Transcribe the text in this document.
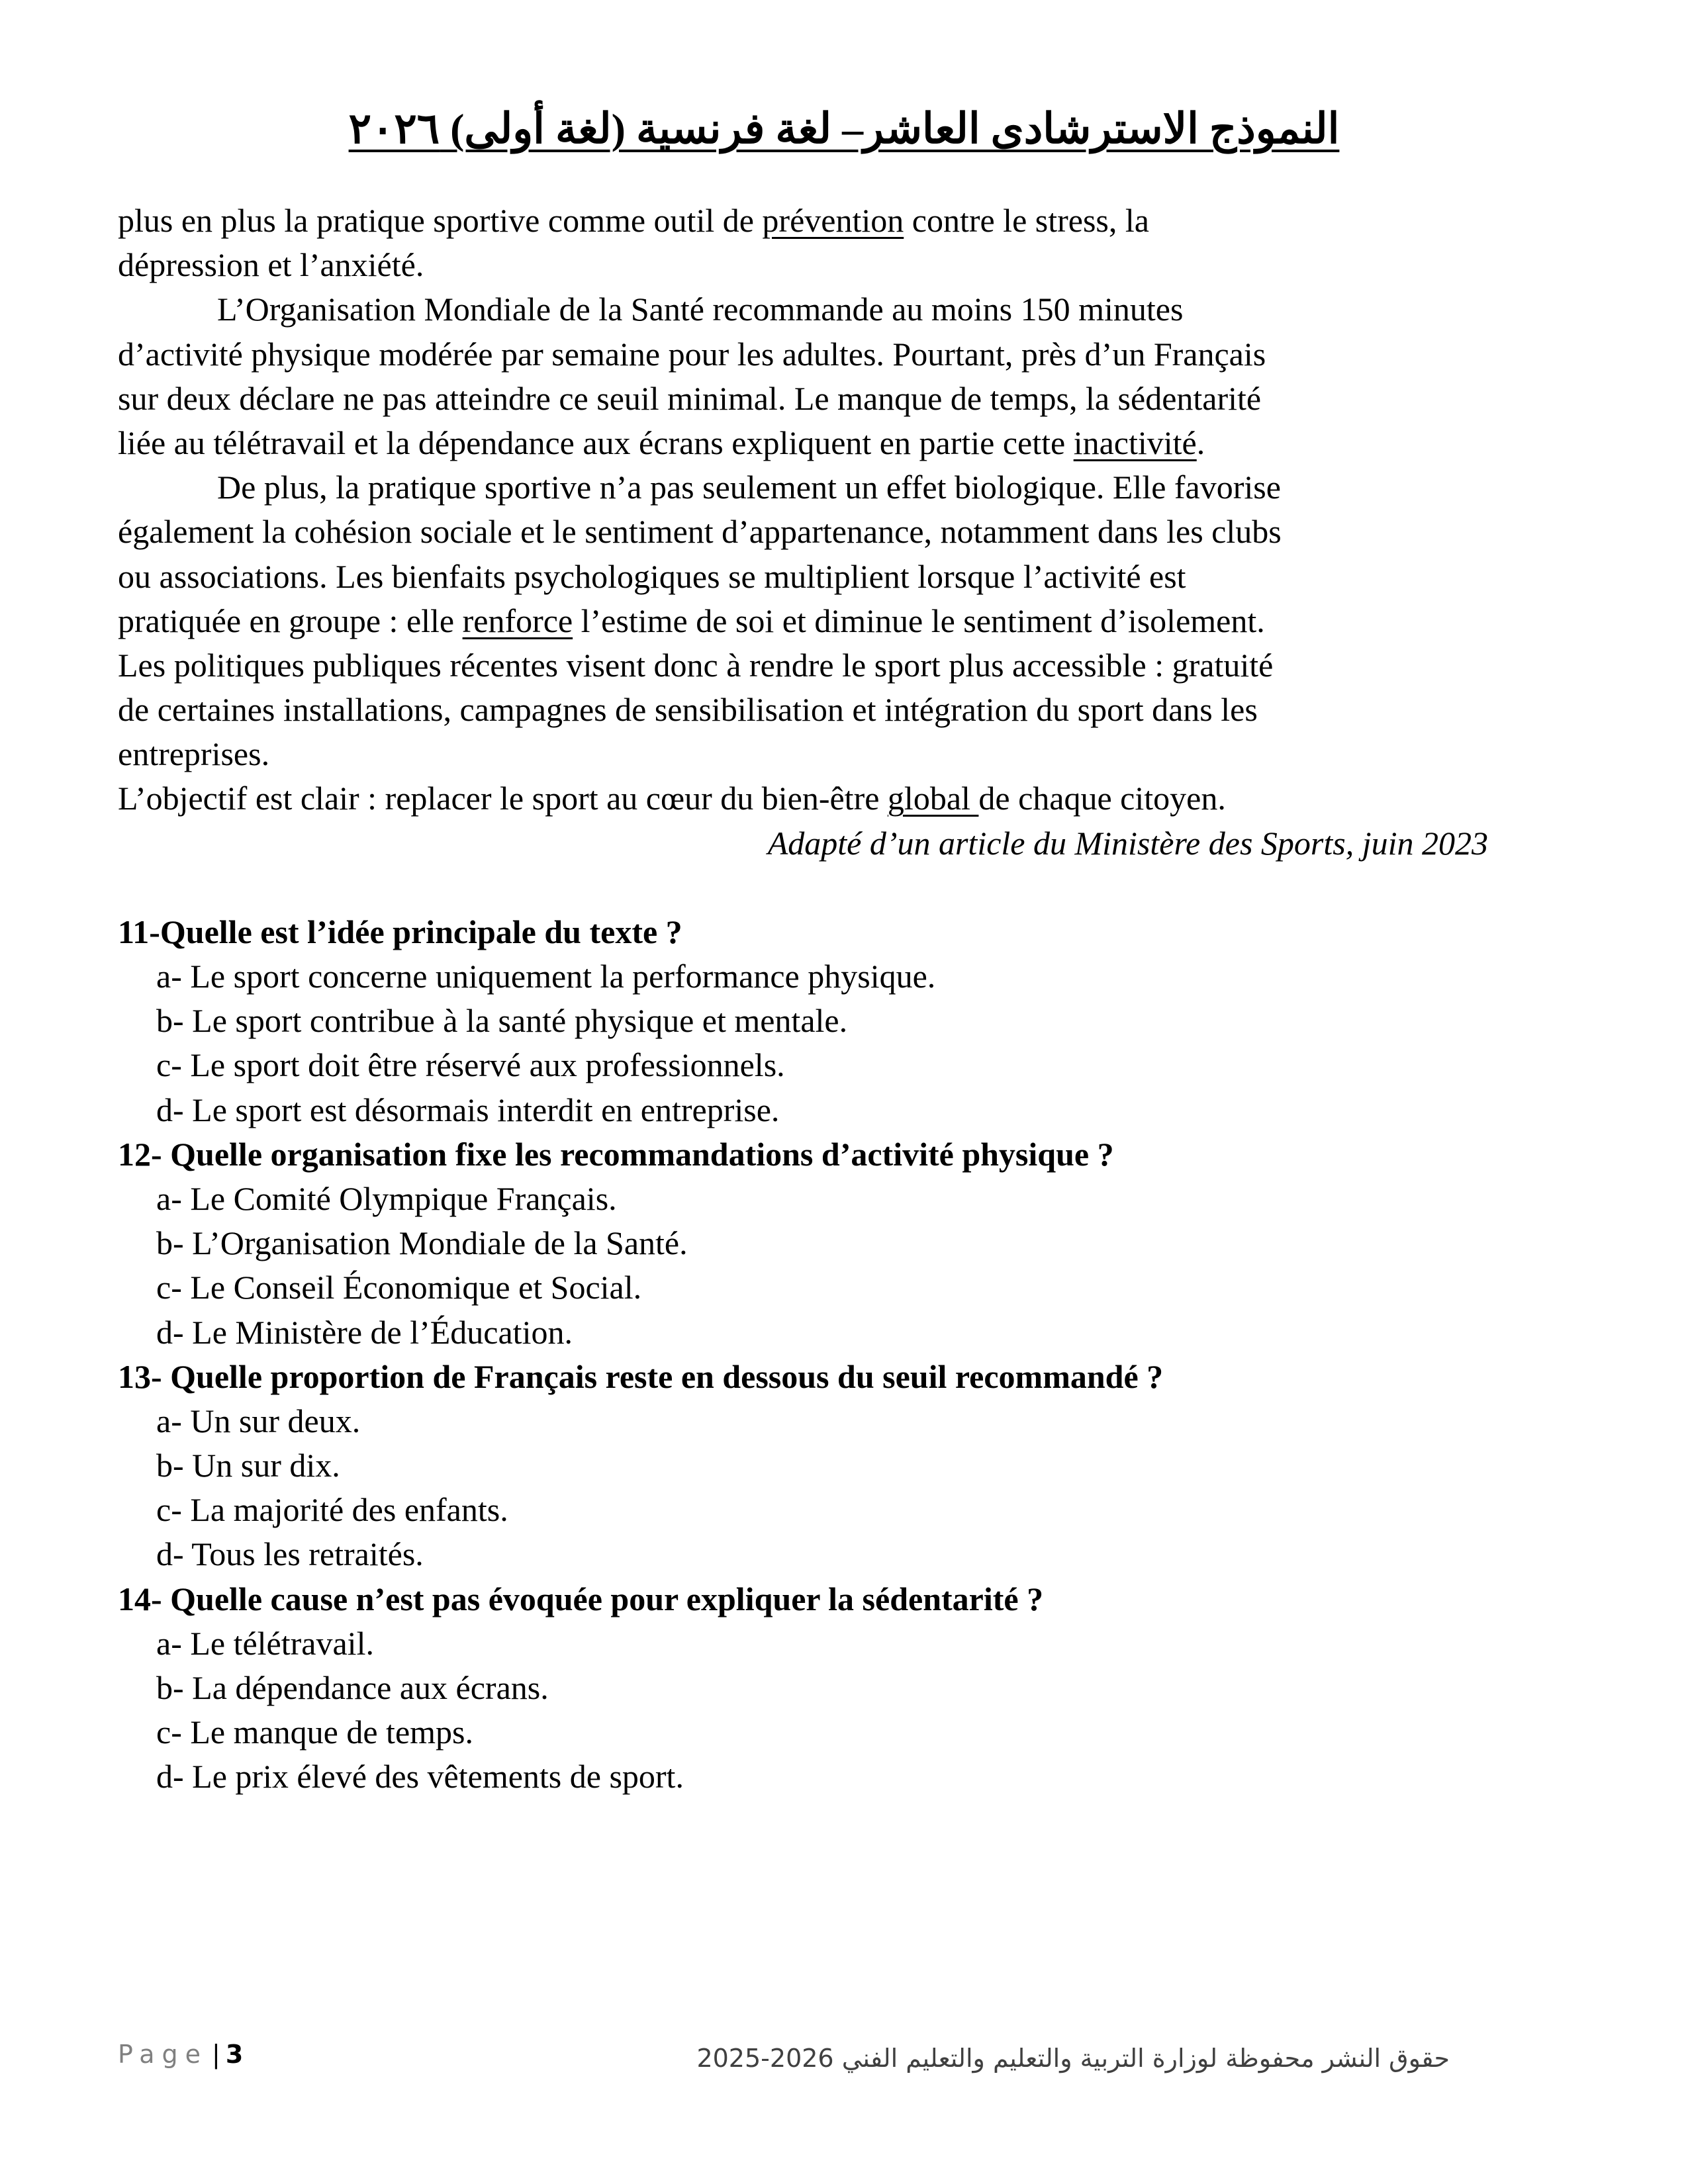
النموذج الاسترشادى العاشر– لغة فرنسية (لغة أولى) ٢٠٢٦
plus en plus la pratique sportive comme outil de prévention contre le stress, la
dépression et l’anxiété.
L’Organisation Mondiale de la Santé recommande au moins 150 minutes
d’activité physique modérée par semaine pour les adultes. Pourtant, près d’un Français
sur deux déclare ne pas atteindre ce seuil minimal. Le manque de temps, la sédentarité
liée au télétravail et la dépendance aux écrans expliquent en partie cette inactivité.
De plus, la pratique sportive n’a pas seulement un effet biologique. Elle favorise
également la cohésion sociale et le sentiment d’appartenance, notamment dans les clubs
ou associations. Les bienfaits psychologiques se multiplient lorsque l’activité est
pratiquée en groupe : elle renforce l’estime de soi et diminue le sentiment d’isolement.
Les politiques publiques récentes visent donc à rendre le sport plus accessible : gratuité
de certaines installations, campagnes de sensibilisation et intégration du sport dans les
entreprises.
L’objectif est clair : replacer le sport au cœur du bien-être global de chaque citoyen.
Adapté d’un article du Ministère des Sports, juin 2023
11-Quelle est l’idée principale du texte ?
a- Le sport concerne uniquement la performance physique.
b- Le sport contribue à la santé physique et mentale.
c- Le sport doit être réservé aux professionnels.
d- Le sport est désormais interdit en entreprise.
12- Quelle organisation fixe les recommandations d’activité physique ?
a- Le Comité Olympique Français.
b- L’Organisation Mondiale de la Santé.
c- Le Conseil Économique et Social.
d- Le Ministère de l’Éducation.
13- Quelle proportion de Français reste en dessous du seuil recommandé ?
a- Un sur deux.
b- Un sur dix.
c- La majorité des enfants.
d- Tous les retraités.
14- Quelle cause n’est pas évoquée pour expliquer la sédentarité ?
a- Le télétravail.
b- La dépendance aux écrans.
c- Le manque de temps.
d- Le prix élevé des vêtements de sport.
Page | 3	حقوق النشر محفوظة لوزارة التربية والتعليم والتعليم الفني 2026-2025
